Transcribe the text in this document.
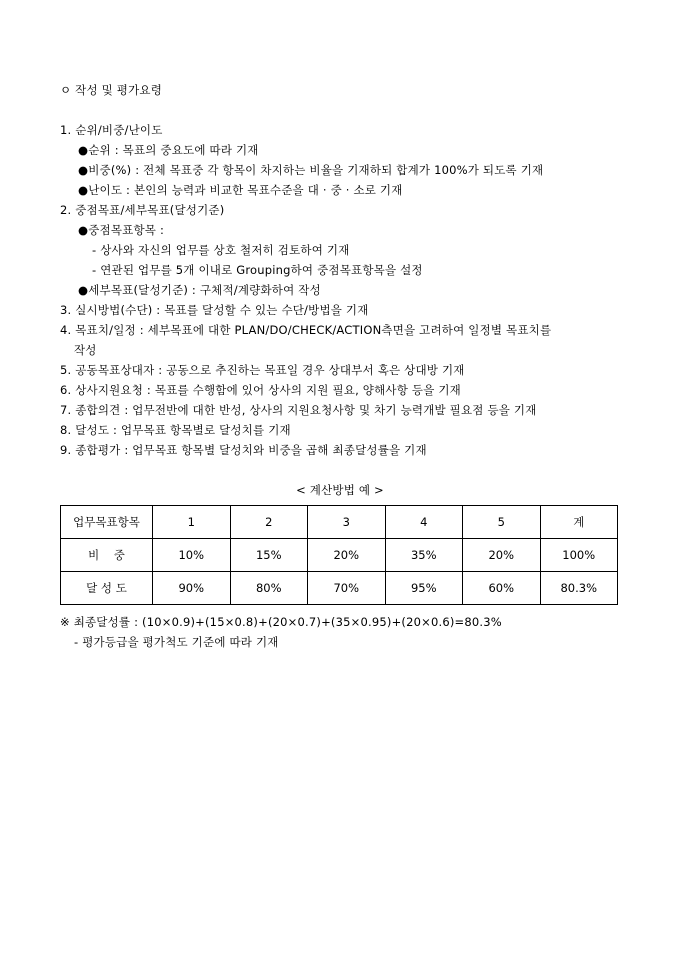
ㅇ 작성 및 평가요령
1. 순위/비중/난이도
●순위 : 목표의 중요도에 따라 기재
●비중(%) : 전체 목표중 각 항목이 차지하는 비율을 기재하되 합계가 100%가 되도록 기재
●난이도 : 본인의 능력과 비교한 목표수준을 대 · 중 · 소로 기재
2. 중점목표/세부목표(달성기준)
●중점목표항목 :
- 상사와 자신의 업무를 상호 철저히 검토하여 기재
- 연관된 업무를 5개 이내로 Grouping하여 중점목표항목을 설정
●세부목표(달성기준) : 구체적/계량화하여 작성
3. 실시방법(수단) : 목표를 달성할 수 있는 수단/방법을 기재
4. 목표치/일정 : 세부목표에 대한 PLAN/DO/CHECK/ACTION측면을 고려하여 일정별 목표치를
작성
5. 공동목표상대자 : 공동으로 추진하는 목표일 경우 상대부서 혹은 상대방 기재
6. 상사지원요청 : 목표를 수행함에 있어 상사의 지원 필요, 양해사항 등을 기재
7. 종합의견 : 업무전반에 대한 반성, 상사의 지원요청사항 및 차기 능력개발 필요점 등을 기재
8. 달성도 : 업무목표 항목별로 달성치를 기재
9. 종합평가 : 업무목표 항목별 달성치와 비중을 곱해 최종달성률을 기재
< 계산방법 예 >
업무목표항목	1	2	3	4	5	계
비    중	10%	15%	20%	35%	20%	100%
달 성 도	90%	80%	70%	95%	60%	80.3%
※ 최종달성률 : (10×0.9)+(15×0.8)+(20×0.7)+(35×0.95)+(20×0.6)=80.3%
- 평가등급을 평가척도 기준에 따라 기재
